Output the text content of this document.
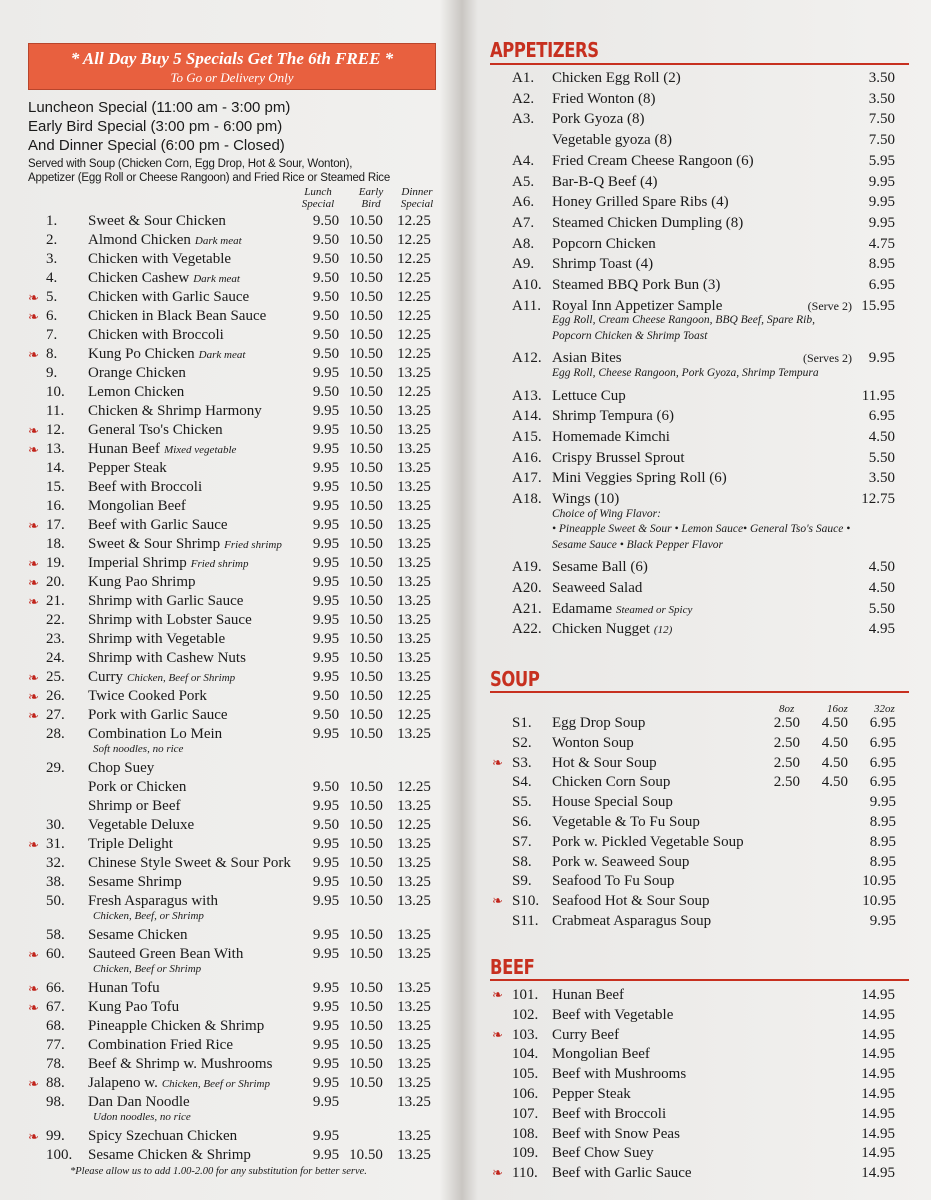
* All Day Buy 5 Specials Get The 6th FREE *
To Go or Delivery Only
Luncheon Special (11:00 am - 3:00 pm)
Early Bird Special (3:00 pm - 6:00 pm)
And Dinner Special (6:00 pm - Closed)
Served with Soup (Chicken Corn, Egg Drop, Hot & Sour, Wonton),
Appetizer (Egg Roll or Cheese Rangoon) and Fried Rice or Steamed Rice
Lunch
Special
Early
Bird
Dinner
Special
1.	Sweet & Sour Chicken	9.50 10.50 12.25
2.	Almond Chicken Dark meat	9.50 10.50 12.25
3.	Chicken with Vegetable	9.50 10.50 12.25
4.	Chicken Cashew Dark meat	9.50 10.50 12.25
❧ 5.	Chicken with Garlic Sauce	9.50 10.50 12.25
❧ 6.	Chicken in Black Bean Sauce	9.50 10.50 12.25
7.	Chicken with Broccoli	9.50 10.50 12.25
❧ 8.	Kung Po Chicken Dark meat	9.50 10.50 12.25
9.	Orange Chicken	9.95 10.50 13.25
10.	Lemon Chicken	9.50 10.50 12.25
11.	Chicken & Shrimp Harmony	9.95 10.50 13.25
❧ 12.	General Tso's Chicken	9.95 10.50 13.25
❧ 13.	Hunan Beef Mixed vegetable	9.95 10.50 13.25
14.	Pepper Steak	9.95 10.50 13.25
15.	Beef with Broccoli	9.95 10.50 13.25
16.	Mongolian Beef	9.95 10.50 13.25
❧ 17.	Beef with Garlic Sauce	9.95 10.50 13.25
18.	Sweet & Sour Shrimp Fried shrimp	9.95 10.50 13.25
❧ 19.	Imperial Shrimp Fried shrimp	9.95 10.50 13.25
❧ 20.	Kung Pao Shrimp	9.95 10.50 13.25
❧ 21.	Shrimp with Garlic Sauce	9.95 10.50 13.25
22.	Shrimp with Lobster Sauce	9.95 10.50 13.25
23.	Shrimp with Vegetable	9.95 10.50 13.25
24.	Shrimp with Cashew Nuts	9.95 10.50 13.25
❧ 25.	Curry Chicken, Beef or Shrimp	9.95 10.50 13.25
❧ 26.	Twice Cooked Pork	9.50 10.50 12.25
❧ 27.	Pork with Garlic Sauce	9.50 10.50 12.25
28.	Combination Lo Mein	9.95 10.50 13.25
Soft noodles, no rice
29.	Chop Suey
Pork or Chicken	9.50 10.50 12.25
Shrimp or Beef	9.95 10.50 13.25
30.	Vegetable Deluxe	9.50 10.50 12.25
❧ 31.	Triple Delight	9.95 10.50 13.25
32.	Chinese Style Sweet & Sour Pork	9.95 10.50 13.25
38.	Sesame Shrimp	9.95 10.50 13.25
50.	Fresh Asparagus with	9.95 10.50 13.25
Chicken, Beef, or Shrimp
58.	Sesame Chicken	9.95 10.50 13.25
❧ 60.	Sauteed Green Bean With	9.95 10.50 13.25
Chicken, Beef or Shrimp
❧ 66.	Hunan Tofu	9.95 10.50 13.25
❧ 67.	Kung Pao Tofu	9.95 10.50 13.25
68.	Pineapple Chicken & Shrimp	9.95 10.50 13.25
77.	Combination Fried Rice	9.95 10.50 13.25
78.	Beef & Shrimp w. Mushrooms	9.95 10.50 13.25
❧ 88.	Jalapeno w. Chicken, Beef or Shrimp	9.95 10.50 13.25
98.	Dan Dan Noodle	9.95	13.25
Udon noodles, no rice
❧ 99.	Spicy Szechuan Chicken	9.95	13.25
100. Sesame Chicken & Shrimp	9.95 10.50 13.25
*Please allow us to add 1.00-2.00 for any substitution for better serve.
APPETIZERS
A1. Chicken Egg Roll (2)	3.50
A2. Fried Wonton (8)	3.50
A3. Pork Gyoza (8)	7.50
Vegetable gyoza (8)	7.50
A4. Fried Cream Cheese Rangoon (6)	5.95
A5. Bar-B-Q Beef (4)	9.95
A6. Honey Grilled Spare Ribs (4)	9.95
A7. Steamed Chicken Dumpling (8)	9.95
A8. Popcorn Chicken	4.75
A9. Shrimp Toast (4)	8.95
A10. Steamed BBQ Pork Bun (3)	6.95
A11. Royal Inn Appetizer Sample	(Serve 2) 15.95
Egg Roll, Cream Cheese Rangoon, BBQ Beef, Spare Rib,
Popcorn Chicken & Shrimp Toast
A12. Asian Bites	(Serves 2) 9.95
Egg Roll, Cheese Rangoon, Pork Gyoza, Shrimp Tempura
A13. Lettuce Cup	11.95
A14. Shrimp Tempura (6)	6.95
A15. Homemade Kimchi	4.50
A16. Crispy Brussel Sprout	5.50
A17. Mini Veggies Spring Roll (6)	3.50
A18. Wings (10)	12.75
Choice of Wing Flavor:
• Pineapple Sweet & Sour • Lemon Sauce• General Tso's Sauce •
Sesame Sauce • Black Pepper Flavor
A19. Sesame Ball (6)	4.50
A20. Seaweed Salad	4.50
A21. Edamame Steamed or Spicy	5.50
A22. Chicken Nugget (12)	4.95
SOUP
8oz	16oz 32oz
S1. Egg Drop Soup	2.50	4.50	6.95
S2. Wonton Soup	2.50	4.50	6.95
❧ S3. Hot & Sour Soup	2.50	4.50	6.95
S4. Chicken Corn Soup	2.50	4.50	6.95
S5. House Special Soup	9.95
S6. Vegetable & To Fu Soup	8.95
S7. Pork w. Pickled Vegetable Soup	8.95
S8. Pork w. Seaweed Soup	8.95
S9. Seafood To Fu Soup	10.95
❧ S10. Seafood Hot & Sour Soup	10.95
S11. Crabmeat Asparagus Soup	9.95
BEEF
❧ 101. Hunan Beef	14.95
102. Beef with Vegetable	14.95
❧ 103. Curry Beef	14.95
104. Mongolian Beef	14.95
105. Beef with Mushrooms	14.95
106. Pepper Steak	14.95
107. Beef with Broccoli	14.95
108. Beef with Snow Peas	14.95
109. Beef Chow Suey	14.95
❧ 110. Beef with Garlic Sauce	14.95
